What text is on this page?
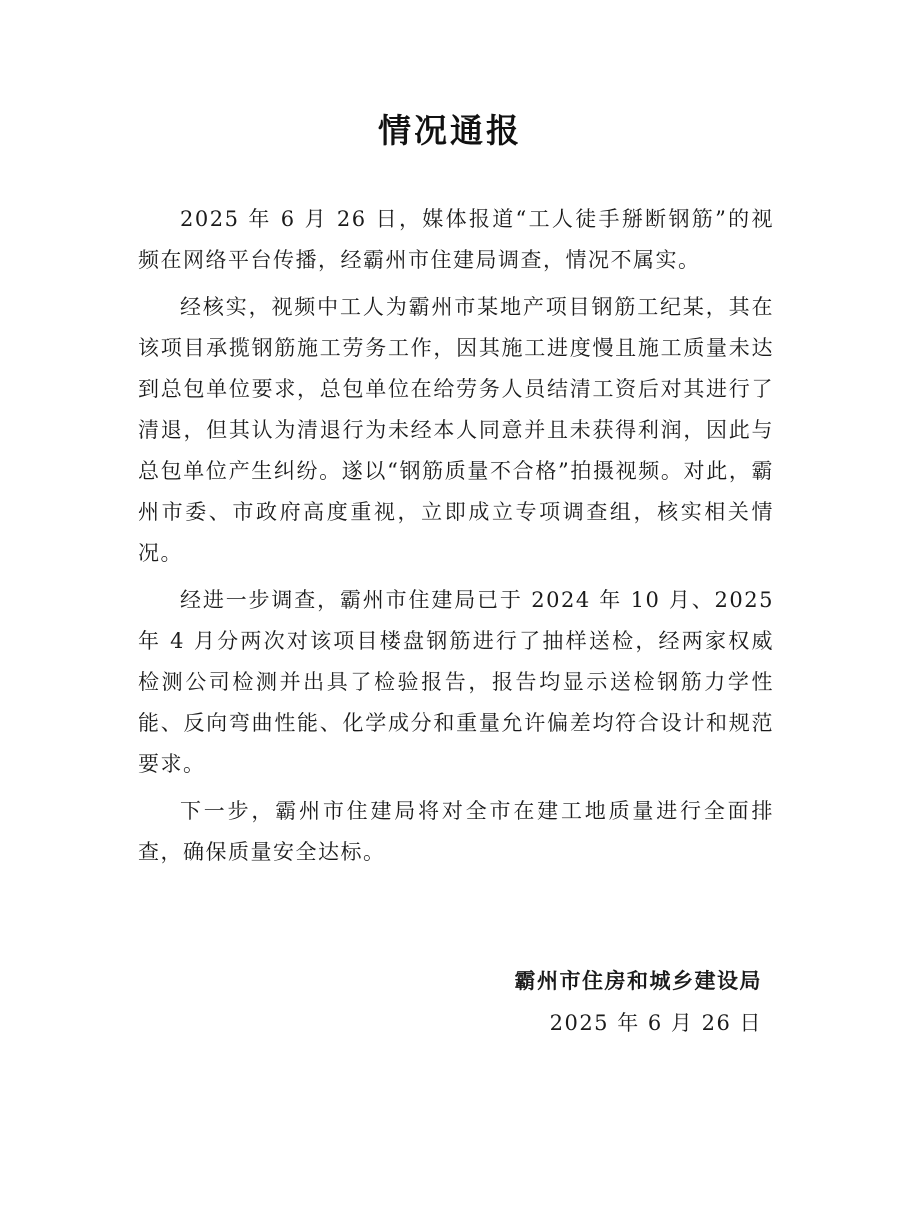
情况通报

2025 年 6 月 26 日，媒体报道“工人徒手掰断钢筋”的视频在网络平台传播，经霸州市住建局调查，情况不属实。

经核实，视频中工人为霸州市某地产项目钢筋工纪某，其在该项目承揽钢筋施工劳务工作，因其施工进度慢且施工质量未达到总包单位要求，总包单位在给劳务人员结清工资后对其进行了清退，但其认为清退行为未经本人同意并且未获得利润，因此与总包单位产生纠纷。遂以“钢筋质量不合格”拍摄视频。对此，霸州市委、市政府高度重视，立即成立专项调查组，核实相关情况。

经进一步调查，霸州市住建局已于 2024 年 10 月、2025 年 4 月分两次对该项目楼盘钢筋进行了抽样送检，经两家权威检测公司检测并出具了检验报告，报告均显示送检钢筋力学性能、反向弯曲性能、化学成分和重量允许偏差均符合设计和规范要求。

下一步，霸州市住建局将对全市在建工地质量进行全面排查，确保质量安全达标。

霸州市住房和城乡建设局
2025 年 6 月 26 日
